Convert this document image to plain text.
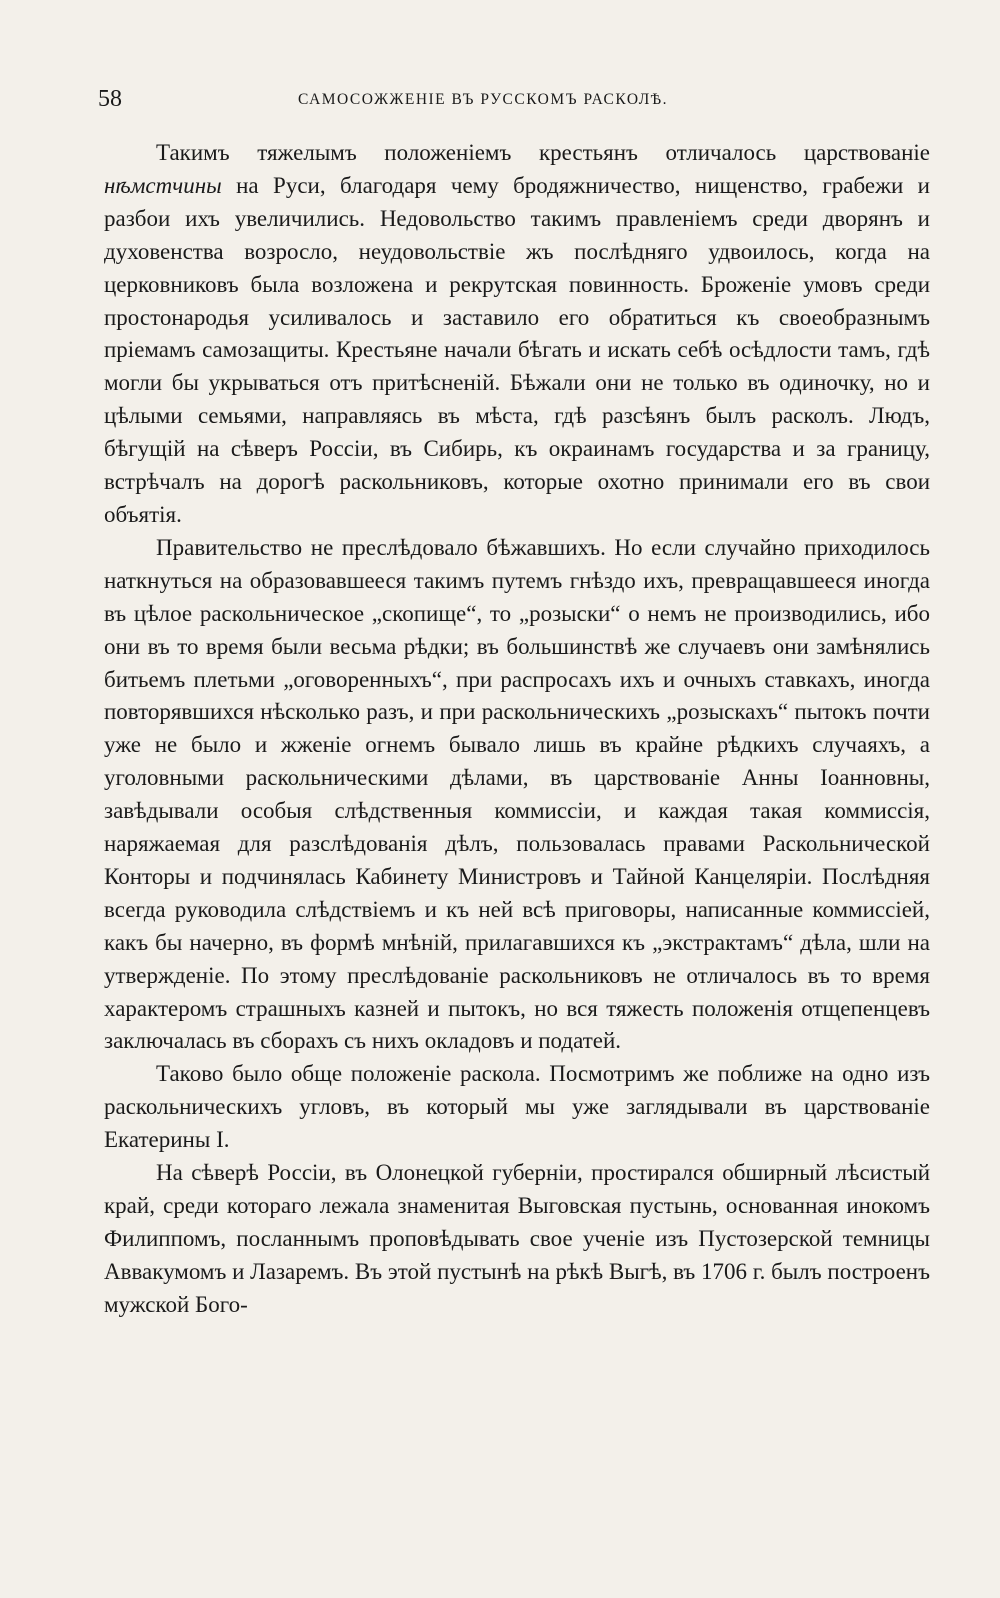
58	САМОСОЖЖЕНІЕ ВЪ РУССКОМЪ РАСКОЛѢ.

Такимъ тяжелымъ положеніемъ крестьянъ отличалось царствованіе нѣмстчины на Руси, благодаря чему бродяжничество, нищенство, грабежи и разбои ихъ увеличились. Недовольство такимъ правленіемъ среди дворянъ и духовенства возросло, неудовольствіе жъ послѣдняго удвоилось, когда на церковниковъ была возложена и рекрутская повинность. Броженіе умовъ среди простонародья усиливалось и заставило его обратиться къ своеобразнымъ пріемамъ самозащиты. Крестьяне начали бѣгать и искать себѣ осѣдлости тамъ, гдѣ могли бы укрываться отъ притѣсненій. Бѣжали они не только въ одиночку, но и цѣлыми семьями, направляясь въ мѣста, гдѣ разсѣянъ былъ расколъ. Людъ, бѣгущій на сѣверъ Россіи, въ Сибирь, къ окраинамъ государства и за границу, встрѣчалъ на дорогѣ раскольниковъ, которые охотно принимали его въ свои объятія.

Правительство не преслѣдовало бѣжавшихъ. Но если случайно приходилось наткнуться на образовавшееся такимъ путемъ гнѣздо ихъ, превращавшееся иногда въ цѣлое раскольническое „скопище“, то „розыски“ о немъ не производились, ибо они въ то время были весьма рѣдки; въ большинствѣ же случаевъ они замѣнялись битьемъ плетьми „оговоренныхъ“, при распросахъ ихъ и очныхъ ставкахъ, иногда повторявшихся нѣсколько разъ, и при раскольническихъ „розыскахъ“ пытокъ почти уже не было и жженіе огнемъ бывало лишь въ крайне рѣдкихъ случаяхъ, а уголовными раскольническими дѣлами, въ царствованіе Анны Іоанновны, завѣдывали особыя слѣдственныя коммиссіи, и каждая такая коммиссія, наряжаемая для разслѣдованія дѣлъ, пользовалась правами Раскольнической Конторы и подчинялась Кабинету Министровъ и Тайной Канцеляріи. Послѣдняя всегда руководила слѣдствіемъ и къ ней всѣ приговоры, написанные коммиссіей, какъ бы начерно, въ формѣ мнѣній, прилагавшихся къ „экстрактамъ“ дѣла, шли на утвержденіе. По этому преслѣдованіе раскольниковъ не отличалось въ то время характеромъ страшныхъ казней и пытокъ, но вся тяжесть положенія отщепенцевъ заключалась въ сборахъ съ нихъ окладовъ и податей.

Таково было обще положеніе раскола. Посмотримъ же поближе на одно изъ раскольническихъ угловъ, въ который мы уже заглядывали въ царствованіе Екатерины I.

На сѣверѣ Россіи, въ Олонецкой губерніи, простирался обширный лѣсистый край, среди котораго лежала знаменитая Выговская пустынь, основанная инокомъ Филиппомъ, посланнымъ проповѣдывать свое ученіе изъ Пустозерской темницы Аввакумомъ и Лазаремъ. Въ этой пустынѣ на рѣкѣ Выгѣ, въ 1706 г. былъ построенъ мужской Бого-
